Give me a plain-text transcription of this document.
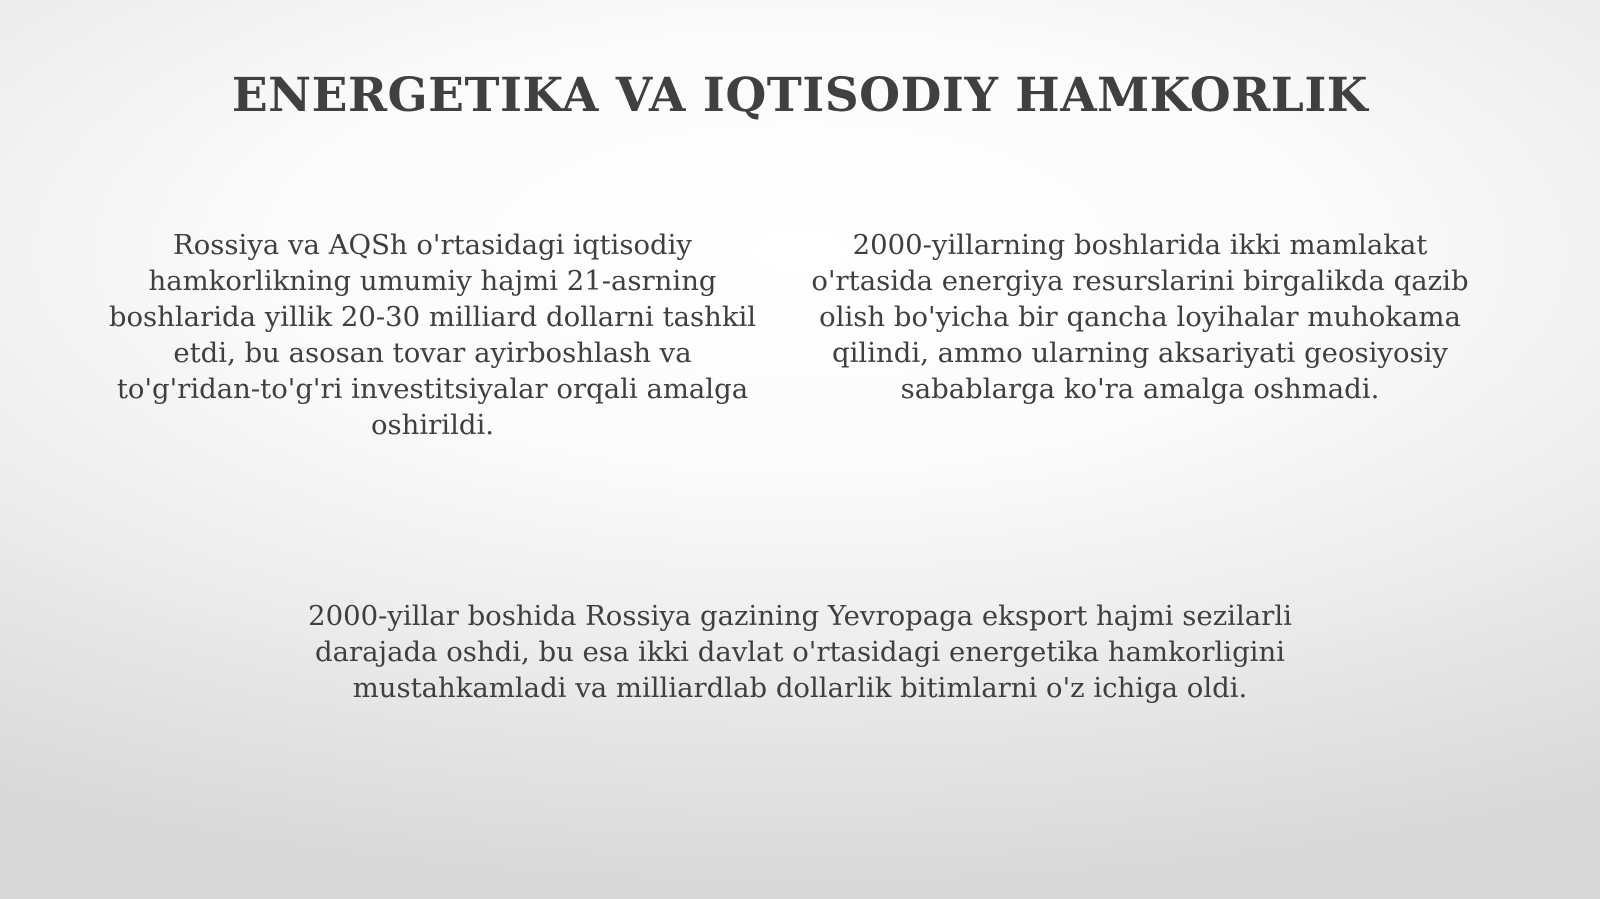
ENERGETIKA VA IQTISODIY HAMKORLIK

Rossiya va AQSh o'rtasidagi iqtisodiy hamkorlikning umumiy hajmi 21-asrning boshlarida yillik 20-30 milliard dollarni tashkil etdi, bu asosan tovar ayirboshlash va to'g'ridan-to'g'ri investitsiyalar orqali amalga oshirildi.

2000-yillarning boshlarida ikki mamlakat o'rtasida energiya resurslarini birgalikda qazib olish bo'yicha bir qancha loyihalar muhokama qilindi, ammo ularning aksariyati geosiyosiy sabablarga ko'ra amalga oshmadi.

2000-yillar boshida Rossiya gazining Yevropaga eksport hajmi sezilarli darajada oshdi, bu esa ikki davlat o'rtasidagi energetika hamkorligini mustahkamladi va milliardlab dollarlik bitimlarni o'z ichiga oldi.
